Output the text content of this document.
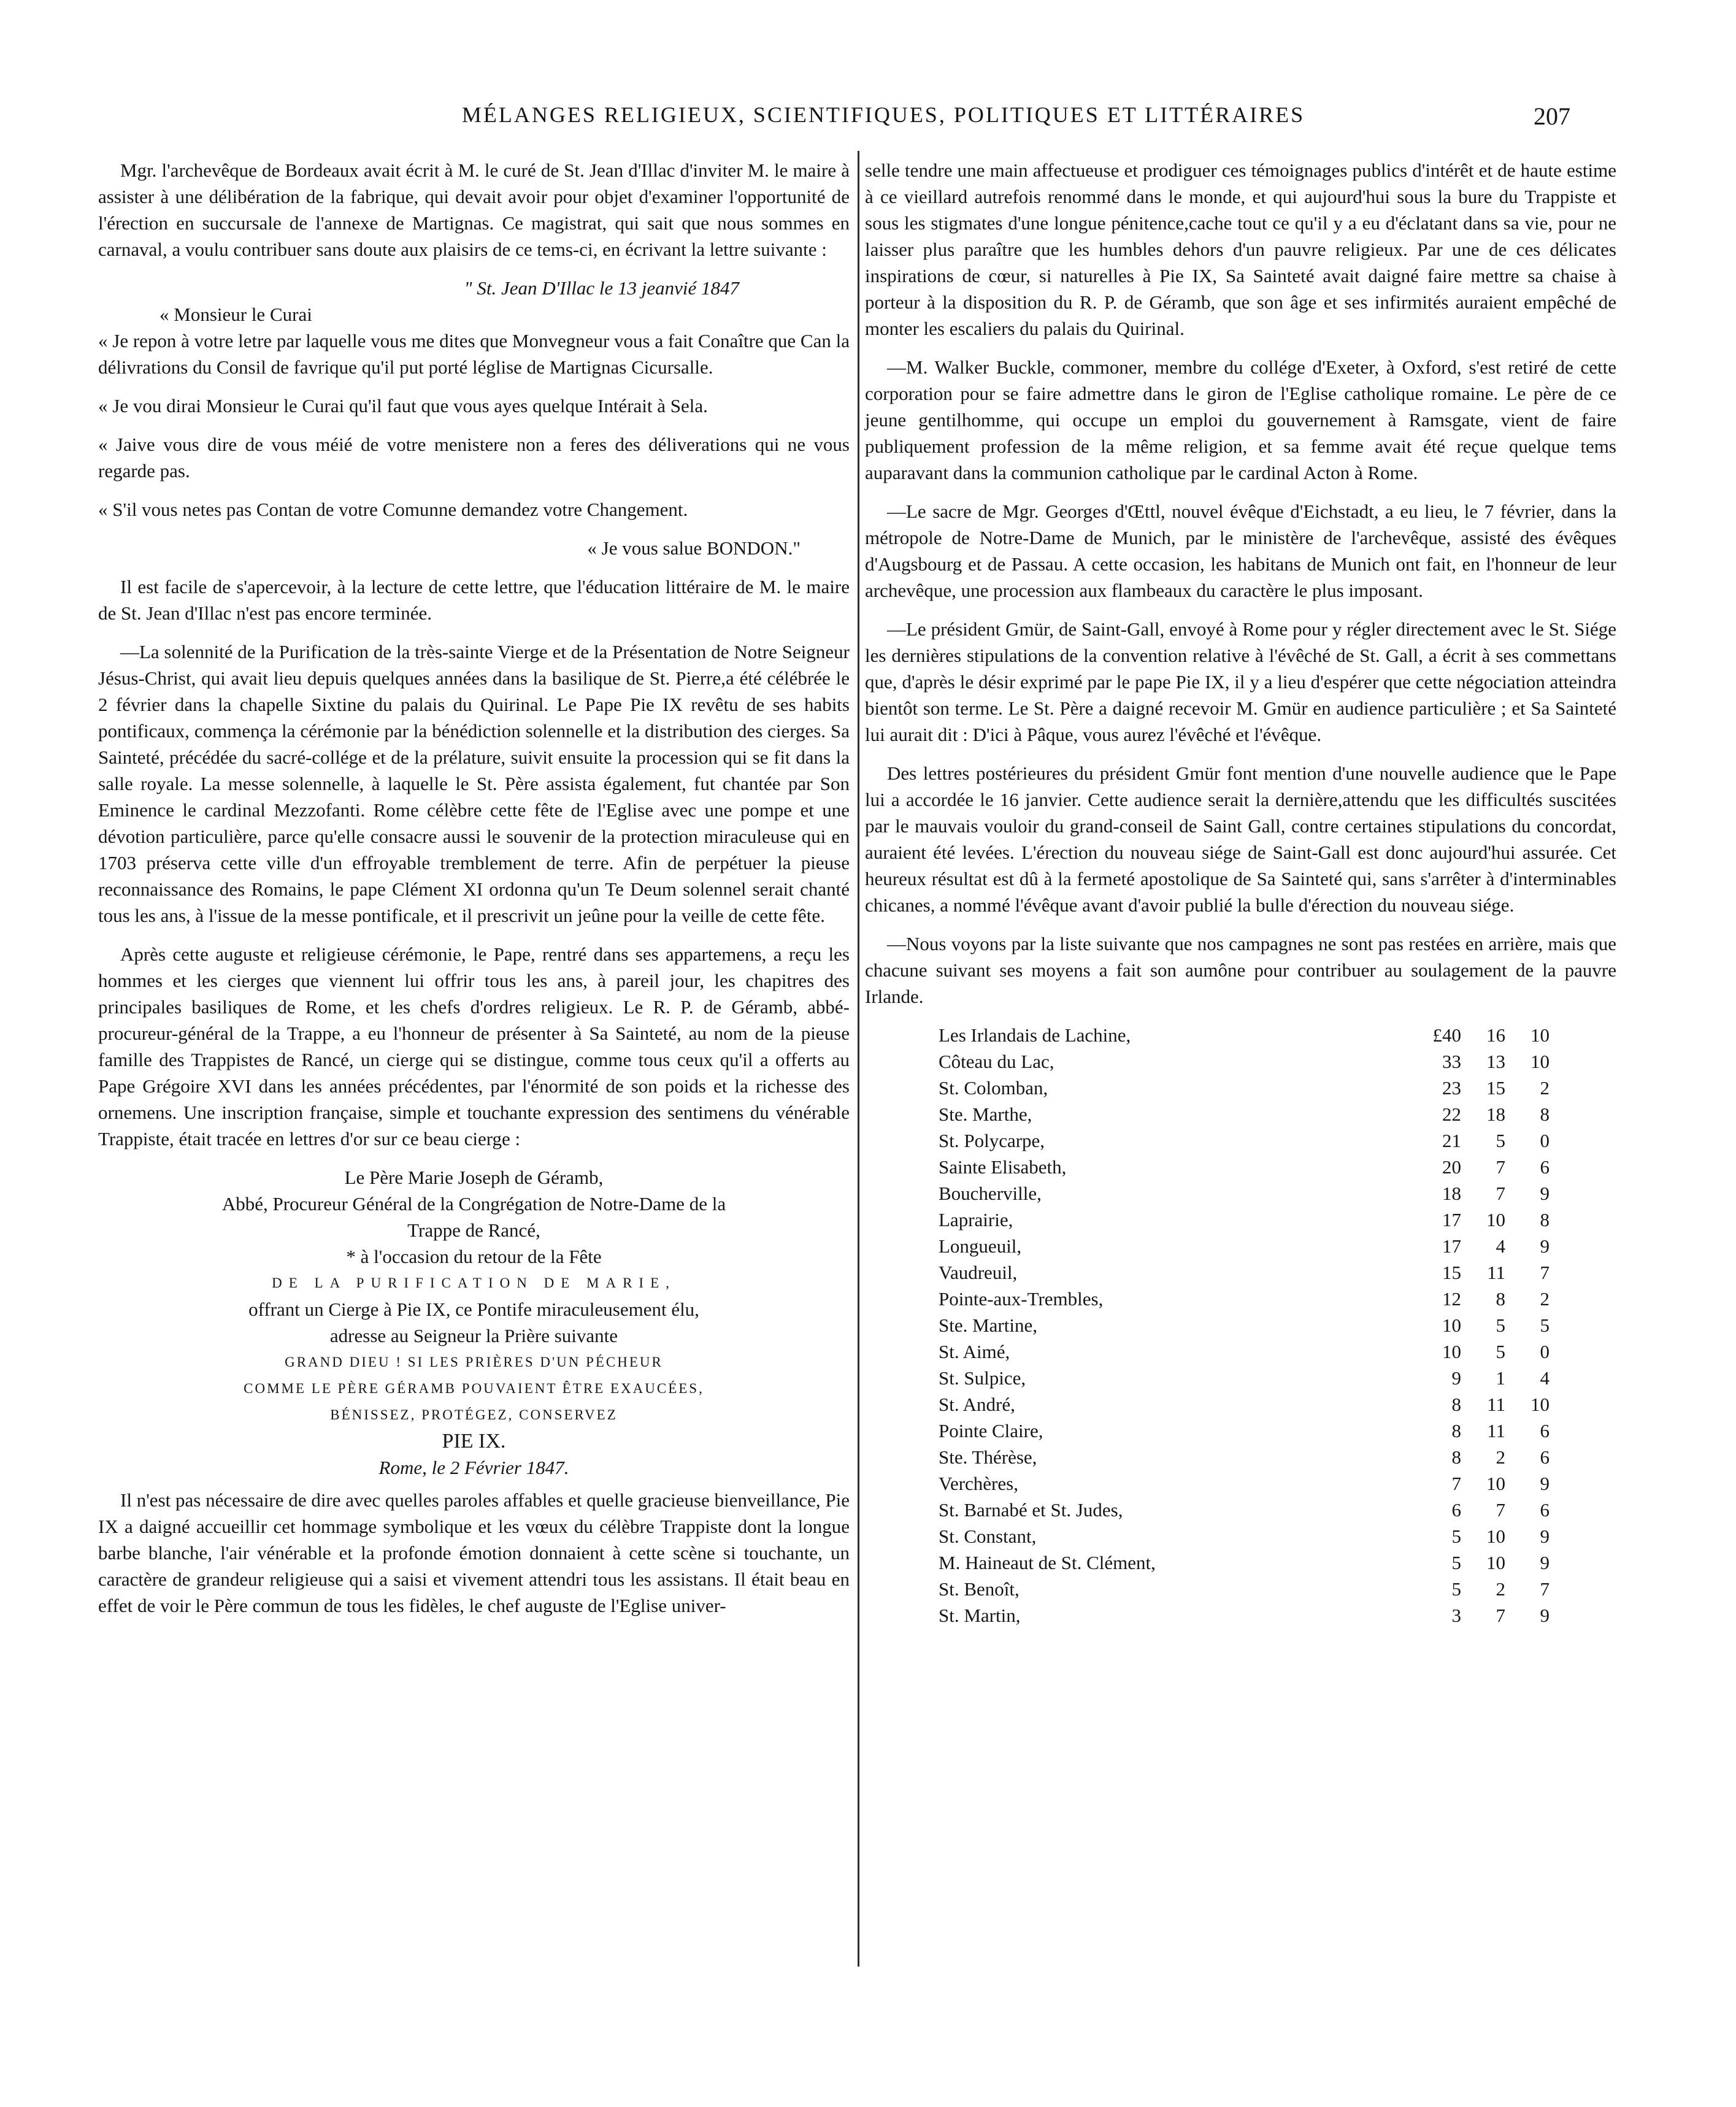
MÉLANGES RELIGIEUX, SCIENTIFIQUES, POLITIQUES ET LITTÉRAIRES	207

Mgr. l'archevêque de Bordeaux avait écrit à M. le curé de St. Jean d'Illac d'inviter M. le maire à assister à une délibération de la fabrique, qui devait avoir pour objet d'examiner l'opportunité de l'érection en succursale de l'annexe de Martignas. Ce magistrat, qui sait que nous sommes en carnaval, a voulu contribuer sans doute aux plaisirs de ce tems-ci, en écrivant la lettre suivante :

" St. Jean D'Illac le 13 jeanvié 1847
« Monsieur le Curai

« Je repon à votre letre par laquelle vous me dites que Monvegneur vous a fait Conaître que Can la délivrations du Consil de favrique qu'il put porté léglise de Martignas Cicursalle.

« Je vou dirai Monsieur le Curai qu'il faut que vous ayes quelque Intérait à Sela.

« Jaive vous dire de vous méié de votre menistere non a feres des déliverations qui ne vous regarde pas.

« S'il vous netes pas Contan de votre Comunne demandez votre Changement.

« Je vous salue BONDON."

Il est facile de s'apercevoir, à la lecture de cette lettre, que l'éducation littéraire de M. le maire de St. Jean d'Illac n'est pas encore terminée.

—La solennité de la Purification de la très-sainte Vierge et de la Présentation de Notre Seigneur Jésus-Christ, qui avait lieu depuis quelques années dans la basilique de St. Pierre,a été célébrée le 2 février dans la chapelle Sixtine du palais du Quirinal. Le Pape Pie IX revêtu de ses habits pontificaux, commença la cérémonie par la bénédiction solennelle et la distribution des cierges. Sa Sainteté, précédée du sacré-collége et de la prélature, suivit ensuite la procession qui se fit dans la salle royale. La messe solennelle, à laquelle le St. Père assista également, fut chantée par Son Eminence le cardinal Mezzofanti. Rome célèbre cette fête de l'Eglise avec une pompe et une dévotion particulière, parce qu'elle consacre aussi le souvenir de la protection miraculeuse qui en 1703 préserva cette ville d'un effroyable tremblement de terre. Afin de perpétuer la pieuse reconnaissance des Romains, le pape Clément XI ordonna qu'un Te Deum solennel serait chanté tous les ans, à l'issue de la messe pontificale, et il prescrivit un jeûne pour la veille de cette fête.

Après cette auguste et religieuse cérémonie, le Pape, rentré dans ses appartemens, a reçu les hommes et les cierges que viennent lui offrir tous les ans, à pareil jour, les chapitres des principales basiliques de Rome, et les chefs d'ordres religieux. Le R. P. de Géramb, abbé-procureur-général de la Trappe, a eu l'honneur de présenter à Sa Sainteté, au nom de la pieuse famille des Trappistes de Rancé, un cierge qui se distingue, comme tous ceux qu'il a offerts au Pape Grégoire XVI dans les années précédentes, par l'énormité de son poids et la richesse des ornemens. Une inscription française, simple et touchante expression des sentimens du vénérable Trappiste, était tracée en lettres d'or sur ce beau cierge :

Le Père Marie Joseph de Géramb,
Abbé, Procureur Général de la Congrégation de Notre-Dame de la
Trappe de Rancé,
* à l'occasion du retour de la Fête
DE LA PURIFICATION DE MARIE,
offrant un Cierge à Pie IX, ce Pontife miraculeusement élu,
adresse au Seigneur la Prière suivante
GRAND DIEU ! SI LES PRIÈRES D'UN PÉCHEUR
COMME LE PÈRE GÉRAMB POUVAIENT ÊTRE EXAUCÉES,
BÉNISSEZ, PROTÉGEZ, CONSERVEZ
PIE IX.
Rome, le 2 Février 1847.

Il n'est pas nécessaire de dire avec quelles paroles affables et quelle gracieuse bienveillance, Pie IX a daigné accueillir cet hommage symbolique et les vœux du célèbre Trappiste dont la longue barbe blanche, l'air vénérable et la profonde émotion donnaient à cette scène si touchante, un caractère de grandeur religieuse qui a saisi et vivement attendri tous les assistans. Il était beau en effet de voir le Père commun de tous les fidèles, le chef auguste de l'Eglise univer-

selle tendre une main affectueuse et prodiguer ces témoignages publics d'intérêt et de haute estime à ce vieillard autrefois renommé dans le monde, et qui aujourd'hui sous la bure du Trappiste et sous les stigmates d'une longue pénitence,cache tout ce qu'il y a eu d'éclatant dans sa vie, pour ne laisser plus paraître que les humbles dehors d'un pauvre religieux. Par une de ces délicates inspirations de cœur, si naturelles à Pie IX, Sa Sainteté avait daigné faire mettre sa chaise à porteur à la disposition du R. P. de Géramb, que son âge et ses infirmités auraient empêché de monter les escaliers du palais du Quirinal.

—M. Walker Buckle, commoner, membre du collége d'Exeter, à Oxford, s'est retiré de cette corporation pour se faire admettre dans le giron de l'Eglise catholique romaine. Le père de ce jeune gentilhomme, qui occupe un emploi du gouvernement à Ramsgate, vient de faire publiquement profession de la même religion, et sa femme avait été reçue quelque tems auparavant dans la communion catholique par le cardinal Acton à Rome.

—Le sacre de Mgr. Georges d'Œttl, nouvel évêque d'Eichstadt, a eu lieu, le 7 février, dans la métropole de Notre-Dame de Munich, par le ministère de l'archevêque, assisté des évêques d'Augsbourg et de Passau. A cette occasion, les habitans de Munich ont fait, en l'honneur de leur archevêque, une procession aux flambeaux du caractère le plus imposant.

—Le président Gmür, de Saint-Gall, envoyé à Rome pour y régler directement avec le St. Siége les dernières stipulations de la convention relative à l'évêché de St. Gall, a écrit à ses commettans que, d'après le désir exprimé par le pape Pie IX, il y a lieu d'espérer que cette négociation atteindra bientôt son terme. Le St. Père a daigné recevoir M. Gmür en audience particulière ; et Sa Sainteté lui aurait dit : D'ici à Pâque, vous aurez l'évêché et l'évêque.

Des lettres postérieures du président Gmür font mention d'une nouvelle audience que le Pape lui a accordée le 16 janvier. Cette audience serait la dernière,attendu que les difficultés suscitées par le mauvais vouloir du grand-conseil de Saint Gall, contre certaines stipulations du concordat, auraient été levées. L'érection du nouveau siége de Saint-Gall est donc aujourd'hui assurée. Cet heureux résultat est dû à la fermeté apostolique de Sa Sainteté qui, sans s'arrêter à d'interminables chicanes, a nommé l'évêque avant d'avoir publié la bulle d'érection du nouveau siége.

—Nous voyons par la liste suivante que nos campagnes ne sont pas restées en arrière, mais que chacune suivant ses moyens a fait son aumône pour contribuer au soulagement de la pauvre Irlande.

Les Irlandais de Lachine,	£40	16	10
Côteau du Lac,	33	13	10
St. Colomban,	23	15	2
Ste. Marthe,	22	18	8
St. Polycarpe,	21	5	0
Sainte Elisabeth,	20	7	6
Boucherville,	18	7	9
Laprairie,	17	10	8
Longueuil,	17	4	9
Vaudreuil,	15	11	7
Pointe-aux-Trembles,	12	8	2
Ste. Martine,	10	5	5
St. Aimé,	10	5	0
St. Sulpice,	9	1	4
St. André,	8	11	10
Pointe Claire,	8	11	6
Ste. Thérèse,	8	2	6
Verchères,	7	10	9
St. Barnabé et St. Judes,	6	7	6
St. Constant,	5	10	9
M. Haineaut de St. Clément,	5	10	9
St. Benoît,	5	2	7
St. Martin,	3	7	9
